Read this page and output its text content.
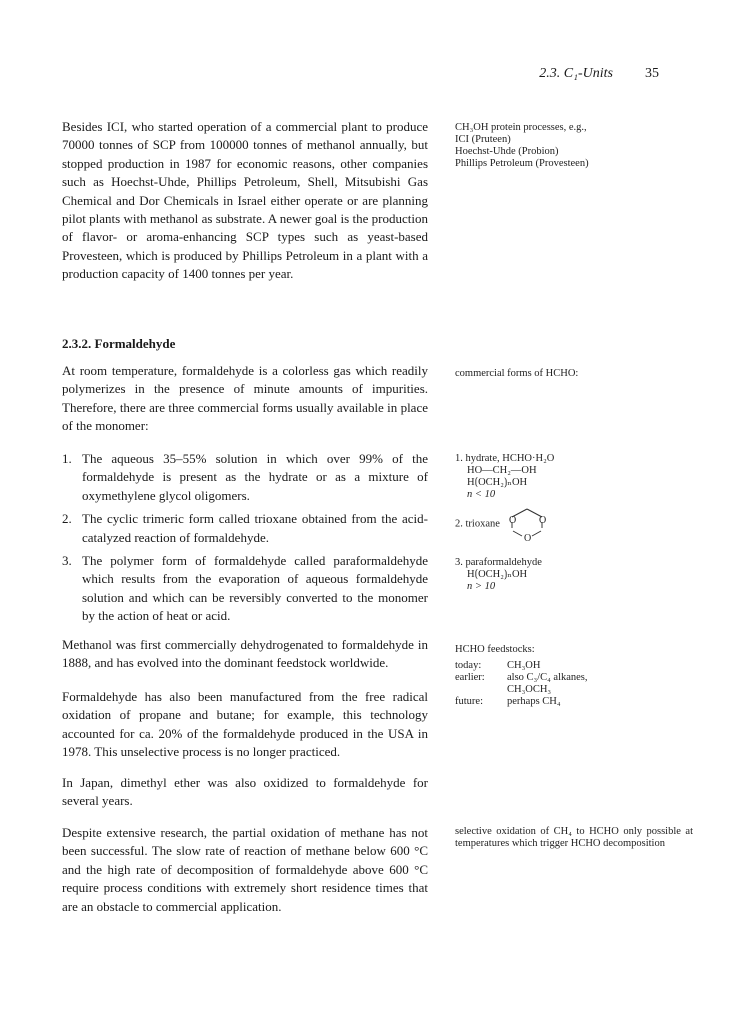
2.3. C₁-Units 35

Besides ICI, who started operation of a commercial plant to produce 70000 tonnes of SCP from 100000 tonnes of methanol annually, but stopped production in 1987 for economic reasons, other companies such as Hoechst-Uhde, Phillips Petroleum, Shell, Mitsubishi Gas Chemical and Dor Chemicals in Israel either operate or are planning pilot plants with methanol as substrate. A newer goal is the production of flavor- or aroma-enhancing SCP types such as yeast-based Provesteen, which is produced by Phillips Petroleum in a plant with a production capacity of 1400 tonnes per year.

2.3.2. Formaldehyde

At room temperature, formaldehyde is a colorless gas which readily polymerizes in the presence of minute amounts of impurities. Therefore, there are three commercial forms usually available in place of the monomer:

1. The aqueous 35–55% solution in which over 99% of the formaldehyde is present as the hydrate or as a mixture of oxymethylene glycol oligomers.
2. The cyclic trimeric form called trioxane obtained from the acid-catalyzed reaction of formaldehyde.
3. The polymer form of formaldehyde called paraformaldehyde which results from the evaporation of aqueous formaldehyde solution and which can be reversibly converted to the monomer by the action of heat or acid.

Methanol was first commercially dehydrogenated to formaldehyde in 1888, and has evolved into the dominant feedstock worldwide.

Formaldehyde has also been manufactured from the free radical oxidation of propane and butane; for example, this technology accounted for ca. 20% of the formaldehyde produced in the USA in 1978. This unselective process is no longer practiced.

In Japan, dimethyl ether was also oxidized to formaldehyde for several years.

Despite extensive research, the partial oxidation of methane has not been successful. The slow rate of reaction of methane below 600 °C and the high rate of decomposition of formaldehyde above 600 °C require process conditions with extremely short residence times that are an obstacle to commercial application.

CH₃OH protein processes, e.g.,

ICI (Pruteen)

Hoechst-Uhde (Probion)

Phillips Petroleum (Provesteen)

commercial forms of HCHO:

1. hydrate, HCHO·H₂O

HO—CH₂—OH

H⟮OCH₂⟯ₙOH

n < 10

2. trioxane O O
O

3. paraformaldehyde

H⟮OCH₂⟯ₙOH

n > 10

HCHO feedstocks:

today:	CH₃OH
earlier:	also C₃/C₄ alkanes,
CH₃OCH₃
future:	perhaps CH₄

selective oxidation of CH₄ to HCHO only possible at temperatures which trigger HCHO decomposition
